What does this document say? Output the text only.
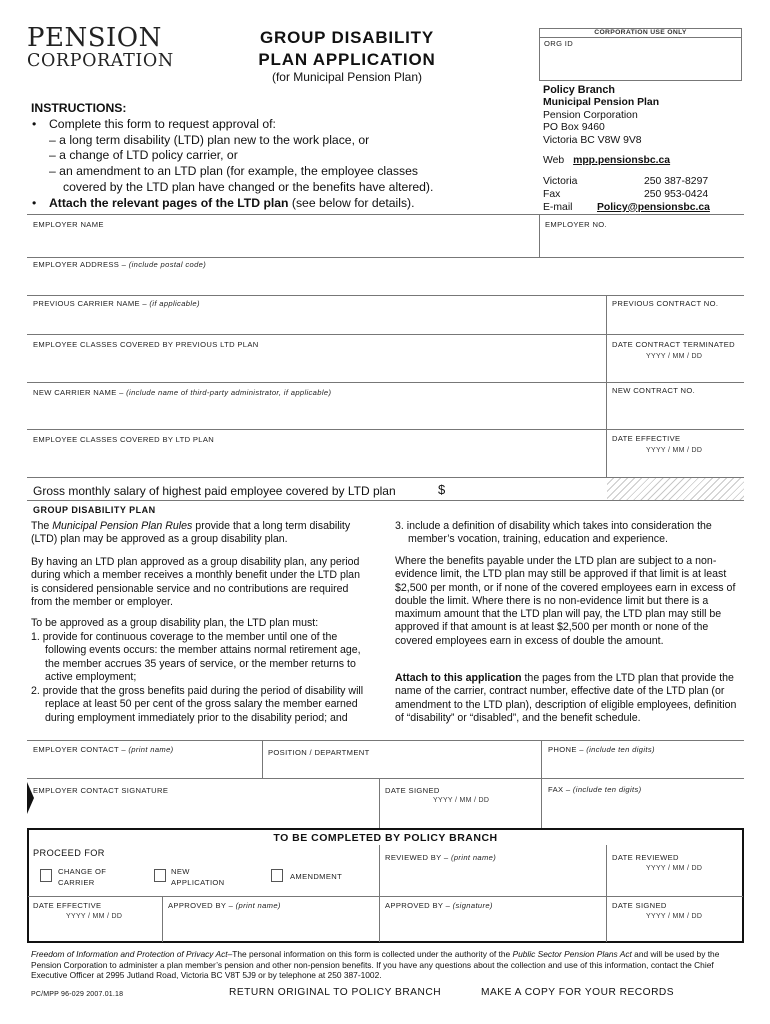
PENSION
CORPORATION
GROUP DISABILITY
PLAN APPLICATION
(for Municipal Pension Plan)
CORPORATION USE ONLY
ORG ID
Policy Branch
Municipal Pension Plan
Pension Corporation
PO Box 9460
Victoria BC V8W 9V8
Web mpp.pensionsbc.ca
Victoria	250 387-8297
Fax	250 953-0424
E-mail Policy@pensionsbc.ca
INSTRUCTIONS:
• Complete this form to request approval of:
– a long term disability (LTD) plan new to the work place, or
– a change of LTD policy carrier, or
– an amendment to an LTD plan (for example, the employee classes
covered by the LTD plan have changed or the benefits have altered).
• Attach the relevant pages of the LTD plan (see below for details).
EMPLOYER NAME	EMPLOYER NO.
EMPLOYER ADDRESS – (include postal code)
PREVIOUS CARRIER NAME – (if applicable)	PREVIOUS CONTRACT NO.
EMPLOYEE CLASSES COVERED BY PREVIOUS LTD PLAN	DATE CONTRACT TERMINATED
YYYY / MM / DD
NEW CARRIER NAME – (include name of third-party administrator, if applicable)	NEW CONTRACT NO.
EMPLOYEE CLASSES COVERED BY LTD PLAN	DATE EFFECTIVE
YYYY / MM / DD
Gross monthly salary of highest paid employee covered by LTD plan	$
GROUP DISABILITY PLAN
The Municipal Pension Plan Rules provide that a long term disability (LTD) plan may be approved as a group disability plan.
By having an LTD plan approved as a group disability plan, any period during which a member receives a monthly benefit under the LTD plan is considered pensionable service and no contributions are required from the member or employer.
To be approved as a group disability plan, the LTD plan must:
1. provide for continuous coverage to the member until one of the following events occurs: the member attains normal retirement age, the member accrues 35 years of service, or the member returns to active employment;
2. provide that the gross benefits paid during the period of disability will replace at least 50 per cent of the gross salary the member earned during employment immediately prior to the disability period; and
3. include a definition of disability which takes into consideration the member’s vocation, training, education and experience.
Where the benefits payable under the LTD plan are subject to a non-evidence limit, the LTD plan may still be approved if that limit is at least $2,500 per month, or if none of the covered employees earn in excess of double the limit. Where there is no non-evidence limit but there is a maximum amount that the LTD plan will pay, the LTD plan may still be approved if that amount is at least $2,500 per month or none of the covered employees earn in excess of double the amount.
Attach to this application the pages from the LTD plan that provide the name of the carrier, contract number, effective date of the LTD plan (or amendment to the LTD plan), description of eligible employees, definition of “disability” or “disabled”, and the benefit schedule.
EMPLOYER CONTACT – (print name)	POSITION / DEPARTMENT	PHONE – (include ten digits)
EMPLOYER CONTACT SIGNATURE	DATE SIGNED
YYYY / MM / DD
FAX – (include ten digits)
TO BE COMPLETED BY POLICY BRANCH
PROCEED FOR
CHANGE OF
CARRIER
NEW
APPLICATION
AMENDMENT
REVIEWED BY – (print name)	DATE REVIEWED
YYYY / MM / DD
DATE EFFECTIVE
YYYY / MM / DD
APPROVED BY – (print name)	APPROVED BY – (signature)	DATE SIGNED
YYYY / MM / DD
Freedom of Information and Protection of Privacy Act–The personal information on this form is collected under the authority of the Public Sector Pension Plans Act and will be used by the Pension Corporation to administer a plan member’s pension and other non-pension benefits. If you have any questions about the collection and use of this information, contact the Chief Executive Officer at 2995 Jutland Road, Victoria BC V8T 5J9 or by telephone at 250 387-1002.
PC/MPP 96-029 2007.01.18	RETURN ORIGINAL TO POLICY BRANCH	MAKE A COPY FOR YOUR RECORDS
